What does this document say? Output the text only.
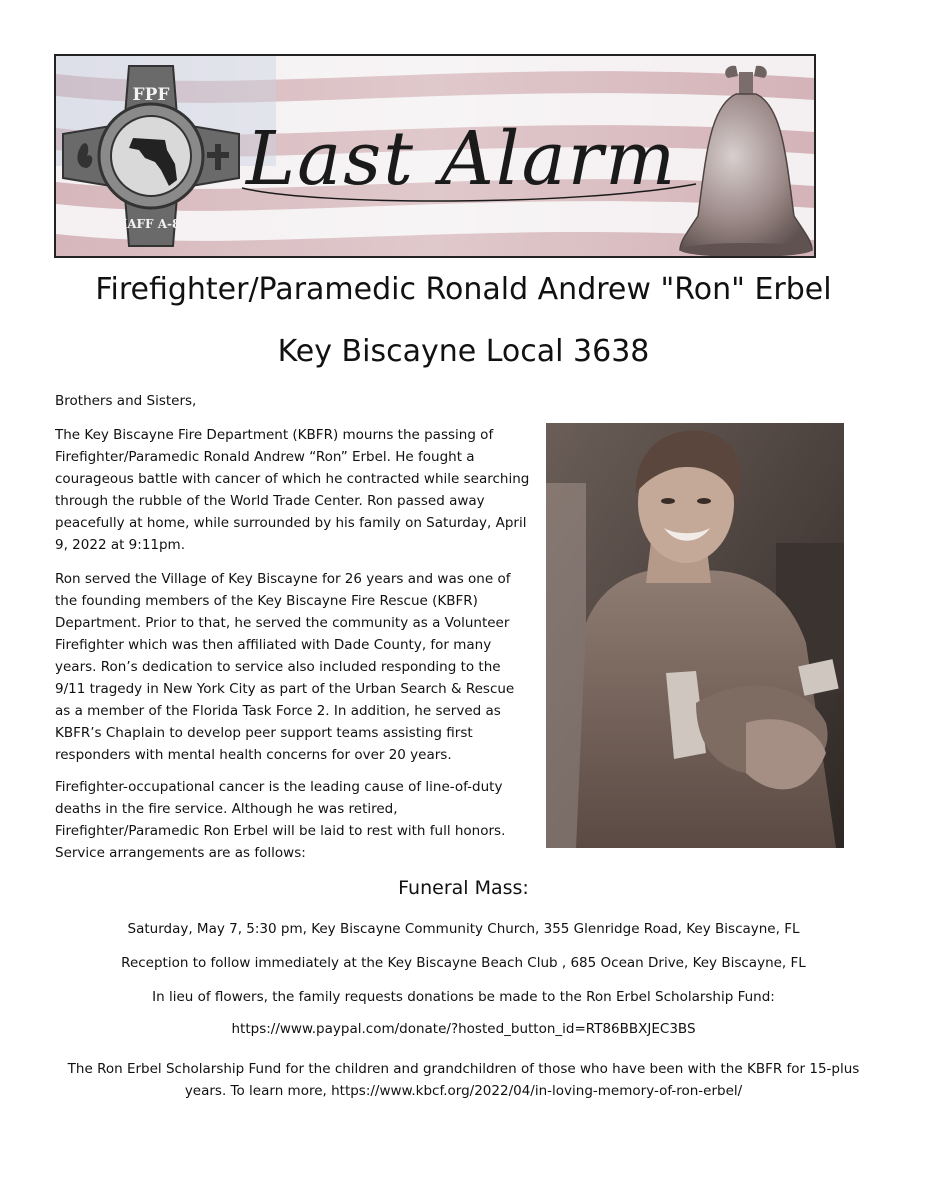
FPF
IAFF A-8
Last Alarm
Firefighter/Paramedic Ronald Andrew "Ron" Erbel
Key Biscayne Local 3638
Brothers and Sisters,
The Key Biscayne Fire Department (KBFR) mourns the passing of Firefighter/Paramedic Ronald Andrew “Ron” Erbel. He fought a courageous battle with cancer of which he contracted while searching through the rubble of the World Trade Center. Ron passed away peacefully at home, while surrounded by his family on Saturday, April 9, 2022 at 9:11pm.
Ron served the Village of Key Biscayne for 26 years and was one of the founding members of the Key Biscayne Fire Rescue (KBFR) Department. Prior to that, he served the community as a Volunteer Firefighter which was then affiliated with Dade County, for many years. Ron’s dedication to service also included responding to the 9/11 tragedy in New York City as part of the Urban Search & Rescue as a member of the Florida Task Force 2. In addition, he served as KBFR’s Chaplain to develop peer support teams assisting first responders with mental health concerns for over 20 years.
Firefighter-occupational cancer is the leading cause of line-of-duty deaths in the fire service. Although he was retired, Firefighter/Paramedic Ron Erbel will be laid to rest with full honors. Service arrangements are as follows:
Funeral Mass:
Saturday, May 7, 5:30 pm, Key Biscayne Community Church, 355 Glenridge Road, Key Biscayne, FL
Reception to follow immediately at the Key Biscayne Beach Club , 685 Ocean Drive, Key Biscayne, FL
In lieu of flowers, the family requests donations be made to the Ron Erbel Scholarship Fund:
https://www.paypal.com/donate/?hosted_button_id=RT86BBXJEC3BS
The Ron Erbel Scholarship Fund for the children and grandchildren of those who have been with the KBFR for 15-plus years. To learn more, https://www.kbcf.org/2022/04/in-loving-memory-of-ron-erbel/
